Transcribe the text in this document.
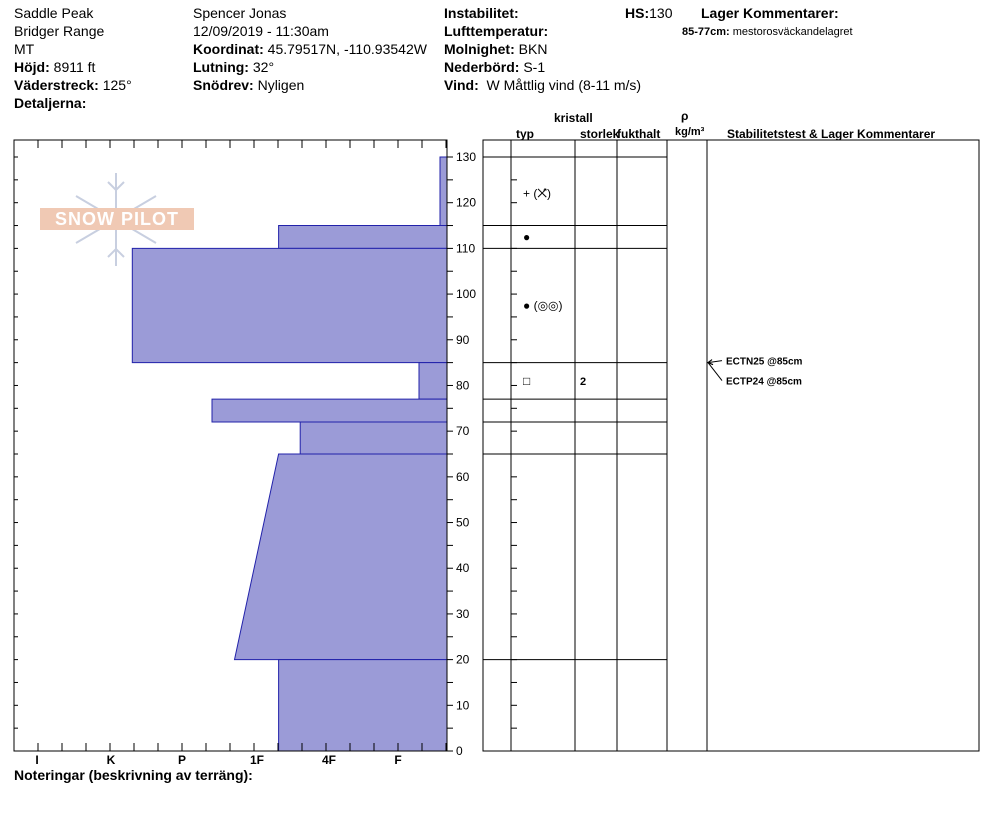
Saddle Peak
Bridger Range
MT
Höjd: 8911 ft
Väderstreck: 125°
Detaljerna:
Spencer Jonas
12/09/2019 - 11:30am
Koordinat: 45.79517N, -110.93542W
Lutning: 32°
Snödrev: Nyligen
Instabilitet:
Lufttemperatur:
Molnighet: BKN
Nederbörd: S-1
Vind: W Måttlig vind (8-11 m/s)
HS:130 Lager Kommentarer:
85-77cm: mestorosväckandelagret
kristall
typ	storlek
fukthalt
ρ
kg/m³ Stabilitetstest & Lager Kommentarer
Noteringar (beskrivning av terräng):
SNOW PILOT
0
10
20
30
40
50
60
70
80
90
100
110
120
130
I	K	P	1F	4F	F
+ (⨉̂)
●
● (◎◎)
□	2
ECTN25 @85cm
ECTP24 @85cm
